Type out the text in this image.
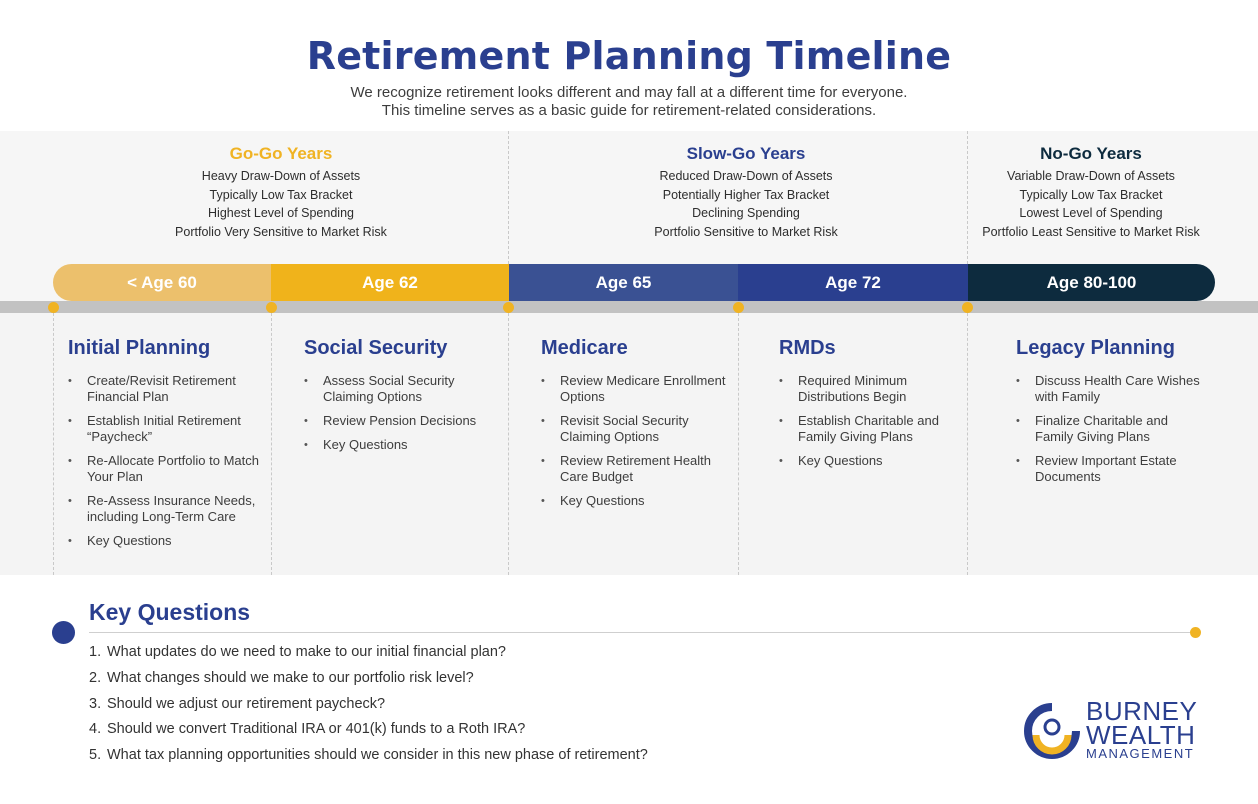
Retirement Planning Timeline
We recognize retirement looks different and may fall at a different time for everyone.
This timeline serves as a basic guide for retirement-related considerations.
Go-Go Years
Heavy Draw-Down of Assets
Typically Low Tax Bracket
Highest Level of Spending
Portfolio Very Sensitive to Market Risk
Slow-Go Years
Reduced Draw-Down of Assets
Potentially Higher Tax Bracket
Declining Spending
Portfolio Sensitive to Market Risk
No-Go Years
Variable Draw-Down of Assets
Typically Low Tax Bracket
Lowest Level of Spending
Portfolio Least Sensitive to Market Risk
< Age 60	Age 62	Age 65	Age 72	Age 80-100
Initial Planning
• Create/Revisit Retirement Financial Plan
• Establish Initial Retirement “Paycheck”
• Re-Allocate Portfolio to Match Your Plan
• Re-Assess Insurance Needs, including Long-Term Care
• Key Questions
Social Security
• Assess Social Security Claiming Options
• Review Pension Decisions
• Key Questions
Medicare
• Review Medicare Enrollment Options
• Revisit Social Security Claiming Options
• Review Retirement Health Care Budget
• Key Questions
RMDs
• Required Minimum Distributions Begin
• Establish Charitable and Family Giving Plans
• Key Questions
Legacy Planning
• Discuss Health Care Wishes with Family
• Finalize Charitable and Family Giving Plans
• Review Important Estate Documents
Key Questions
1. What updates do we need to make to our initial financial plan?
2. What changes should we make to our portfolio risk level?
3. Should we adjust our retirement paycheck?
4. Should we convert Traditional IRA or 401(k) funds to a Roth IRA?
5. What tax planning opportunities should we consider in this new phase of retirement?
BURNEY
WEALTH
MANAGEMENT
